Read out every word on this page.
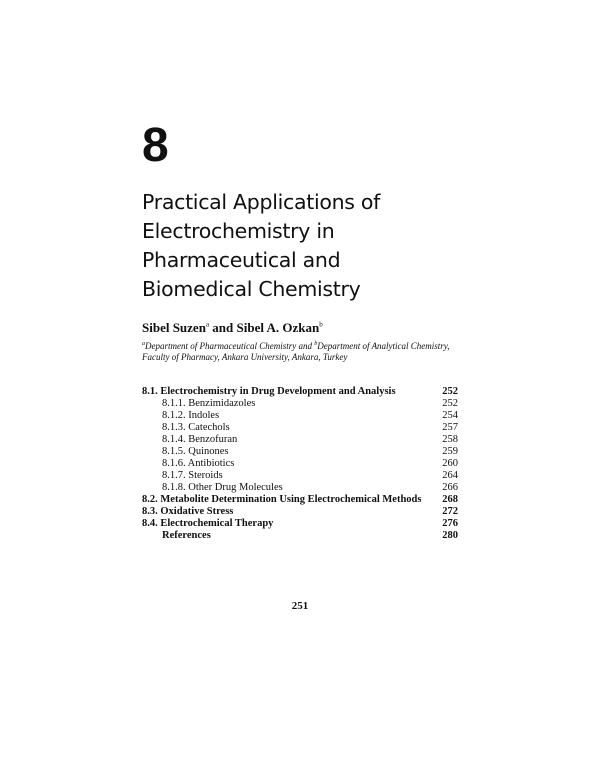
8
Practical Applications of
Electrochemistry in
Pharmaceutical and
Biomedical Chemistry
Sibel Suzen$^a$ and Sibel A. Ozkan$^b$
$^a$Department of Pharmaceutical Chemistry and $^b$Department of Analytical Chemistry,
Faculty of Pharmacy, Ankara University, Ankara, Turkey
8.1. Electrochemistry in Drug Development and Analysis	252
8.1.1. Benzimidazoles	252
8.1.2. Indoles	254
8.1.3. Catechols	257
8.1.4. Benzofuran	258
8.1.5. Quinones	259
8.1.6. Antibiotics	260
8.1.7. Steroids	264
8.1.8. Other Drug Molecules	266
8.2. Metabolite Determination Using Electrochemical Methods 268
8.3. Oxidative Stress	272
8.4. Electrochemical Therapy	276
References	280
251
